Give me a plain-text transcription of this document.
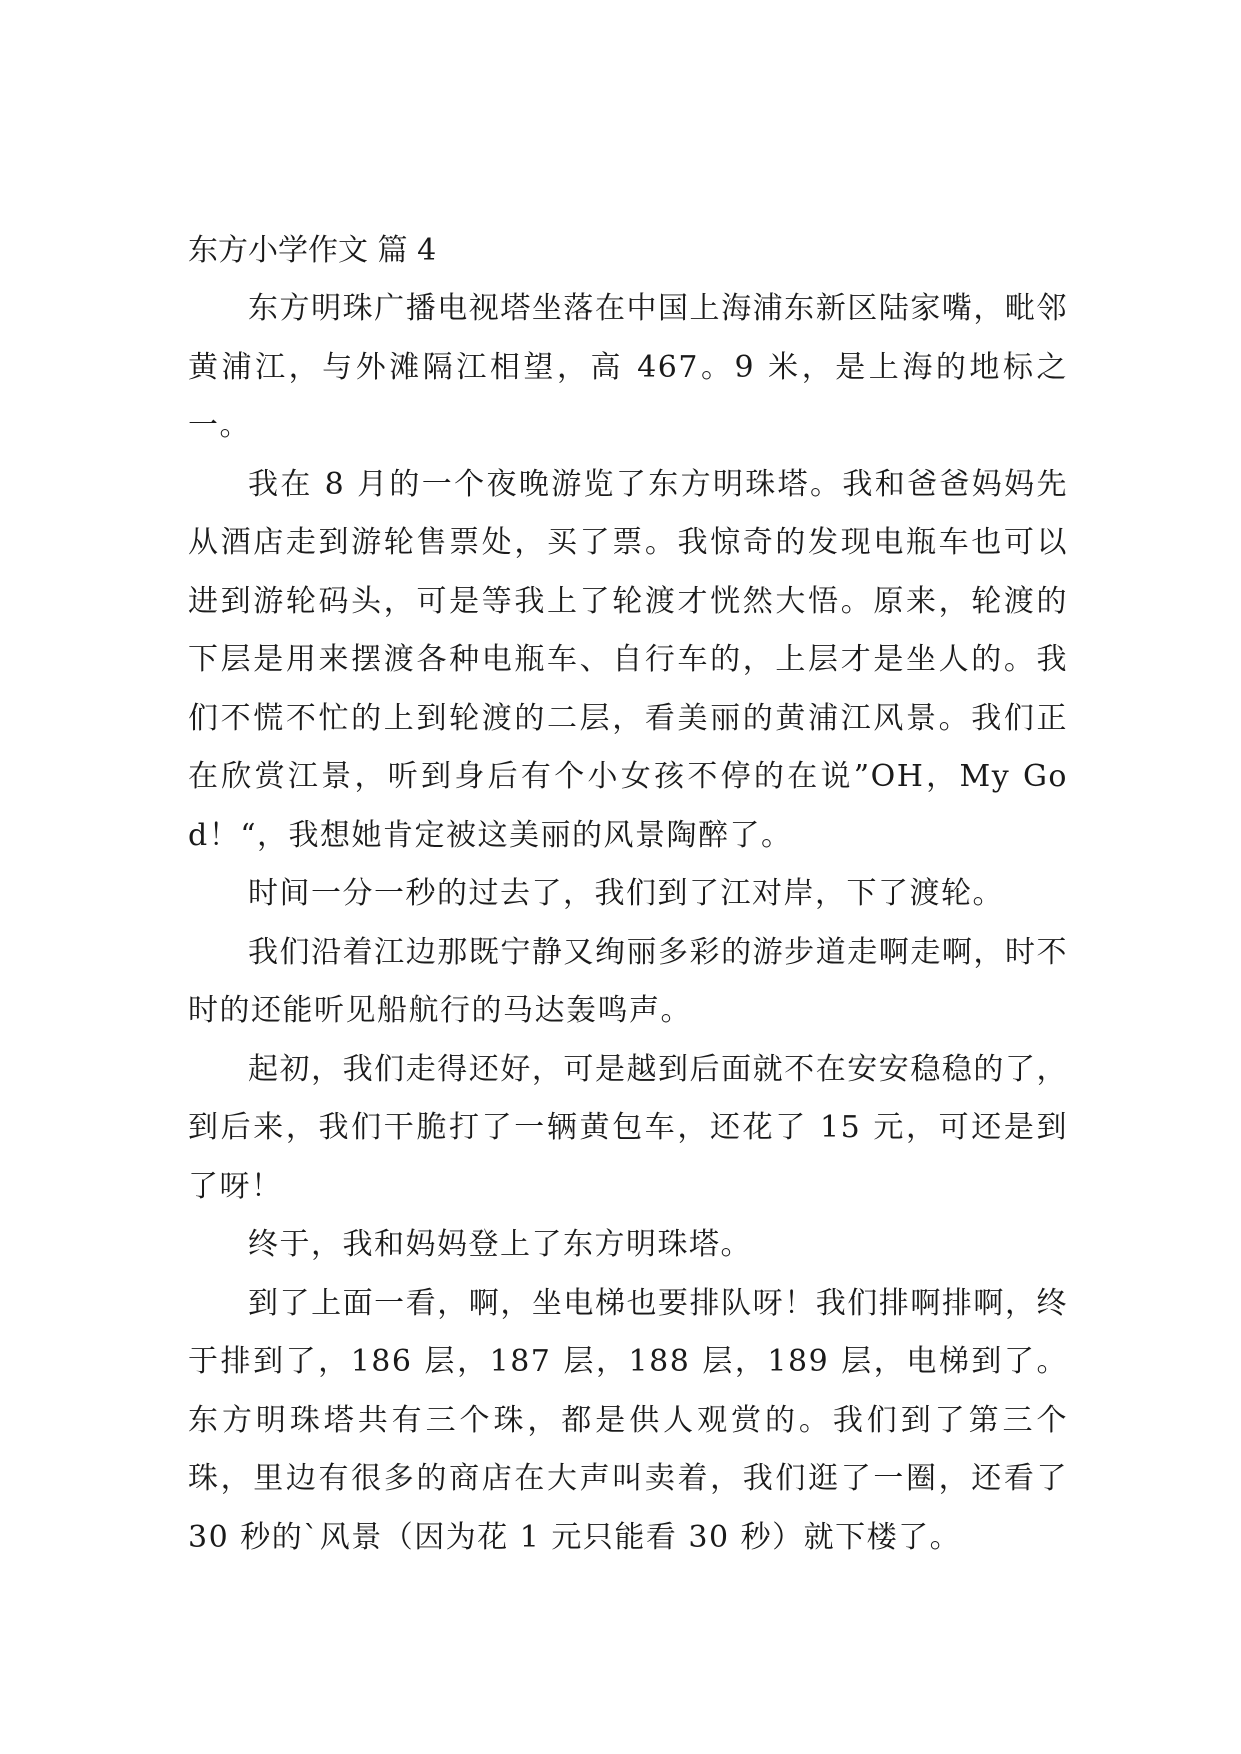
东方小学作文 篇 4

东方明珠广播电视塔坐落在中国上海浦东新区陆家嘴，毗邻黄浦江，与外滩隔江相望，高 467。9 米，是上海的地标之一。

我在 8 月的一个夜晚游览了东方明珠塔。我和爸爸妈妈先从酒店走到游轮售票处，买了票。我惊奇的发现电瓶车也可以进到游轮码头，可是等我上了轮渡才恍然大悟。原来，轮渡的下层是用来摆渡各种电瓶车、自行车的，上层才是坐人的。我们不慌不忙的上到轮渡的二层，看美丽的黄浦江风景。我们正在欣赏江景，听到身后有个小女孩不停的在说”OH，My God！“，我想她肯定被这美丽的风景陶醉了。

时间一分一秒的过去了，我们到了江对岸，下了渡轮。

我们沿着江边那既宁静又绚丽多彩的游步道走啊走啊，时不时的还能听见船航行的马达轰鸣声。

起初，我们走得还好，可是越到后面就不在安安稳稳的了，到后来，我们干脆打了一辆黄包车，还花了 15 元，可还是到了呀！

终于，我和妈妈登上了东方明珠塔。

到了上面一看，啊，坐电梯也要排队呀！我们排啊排啊，终于排到了，186 层，187 层，188 层，189 层，电梯到了。东方明珠塔共有三个珠，都是供人观赏的。我们到了第三个珠，里边有很多的商店在大声叫卖着，我们逛了一圈，还看了 30 秒的`风景（因为花 1 元只能看 30 秒）就下楼了。
